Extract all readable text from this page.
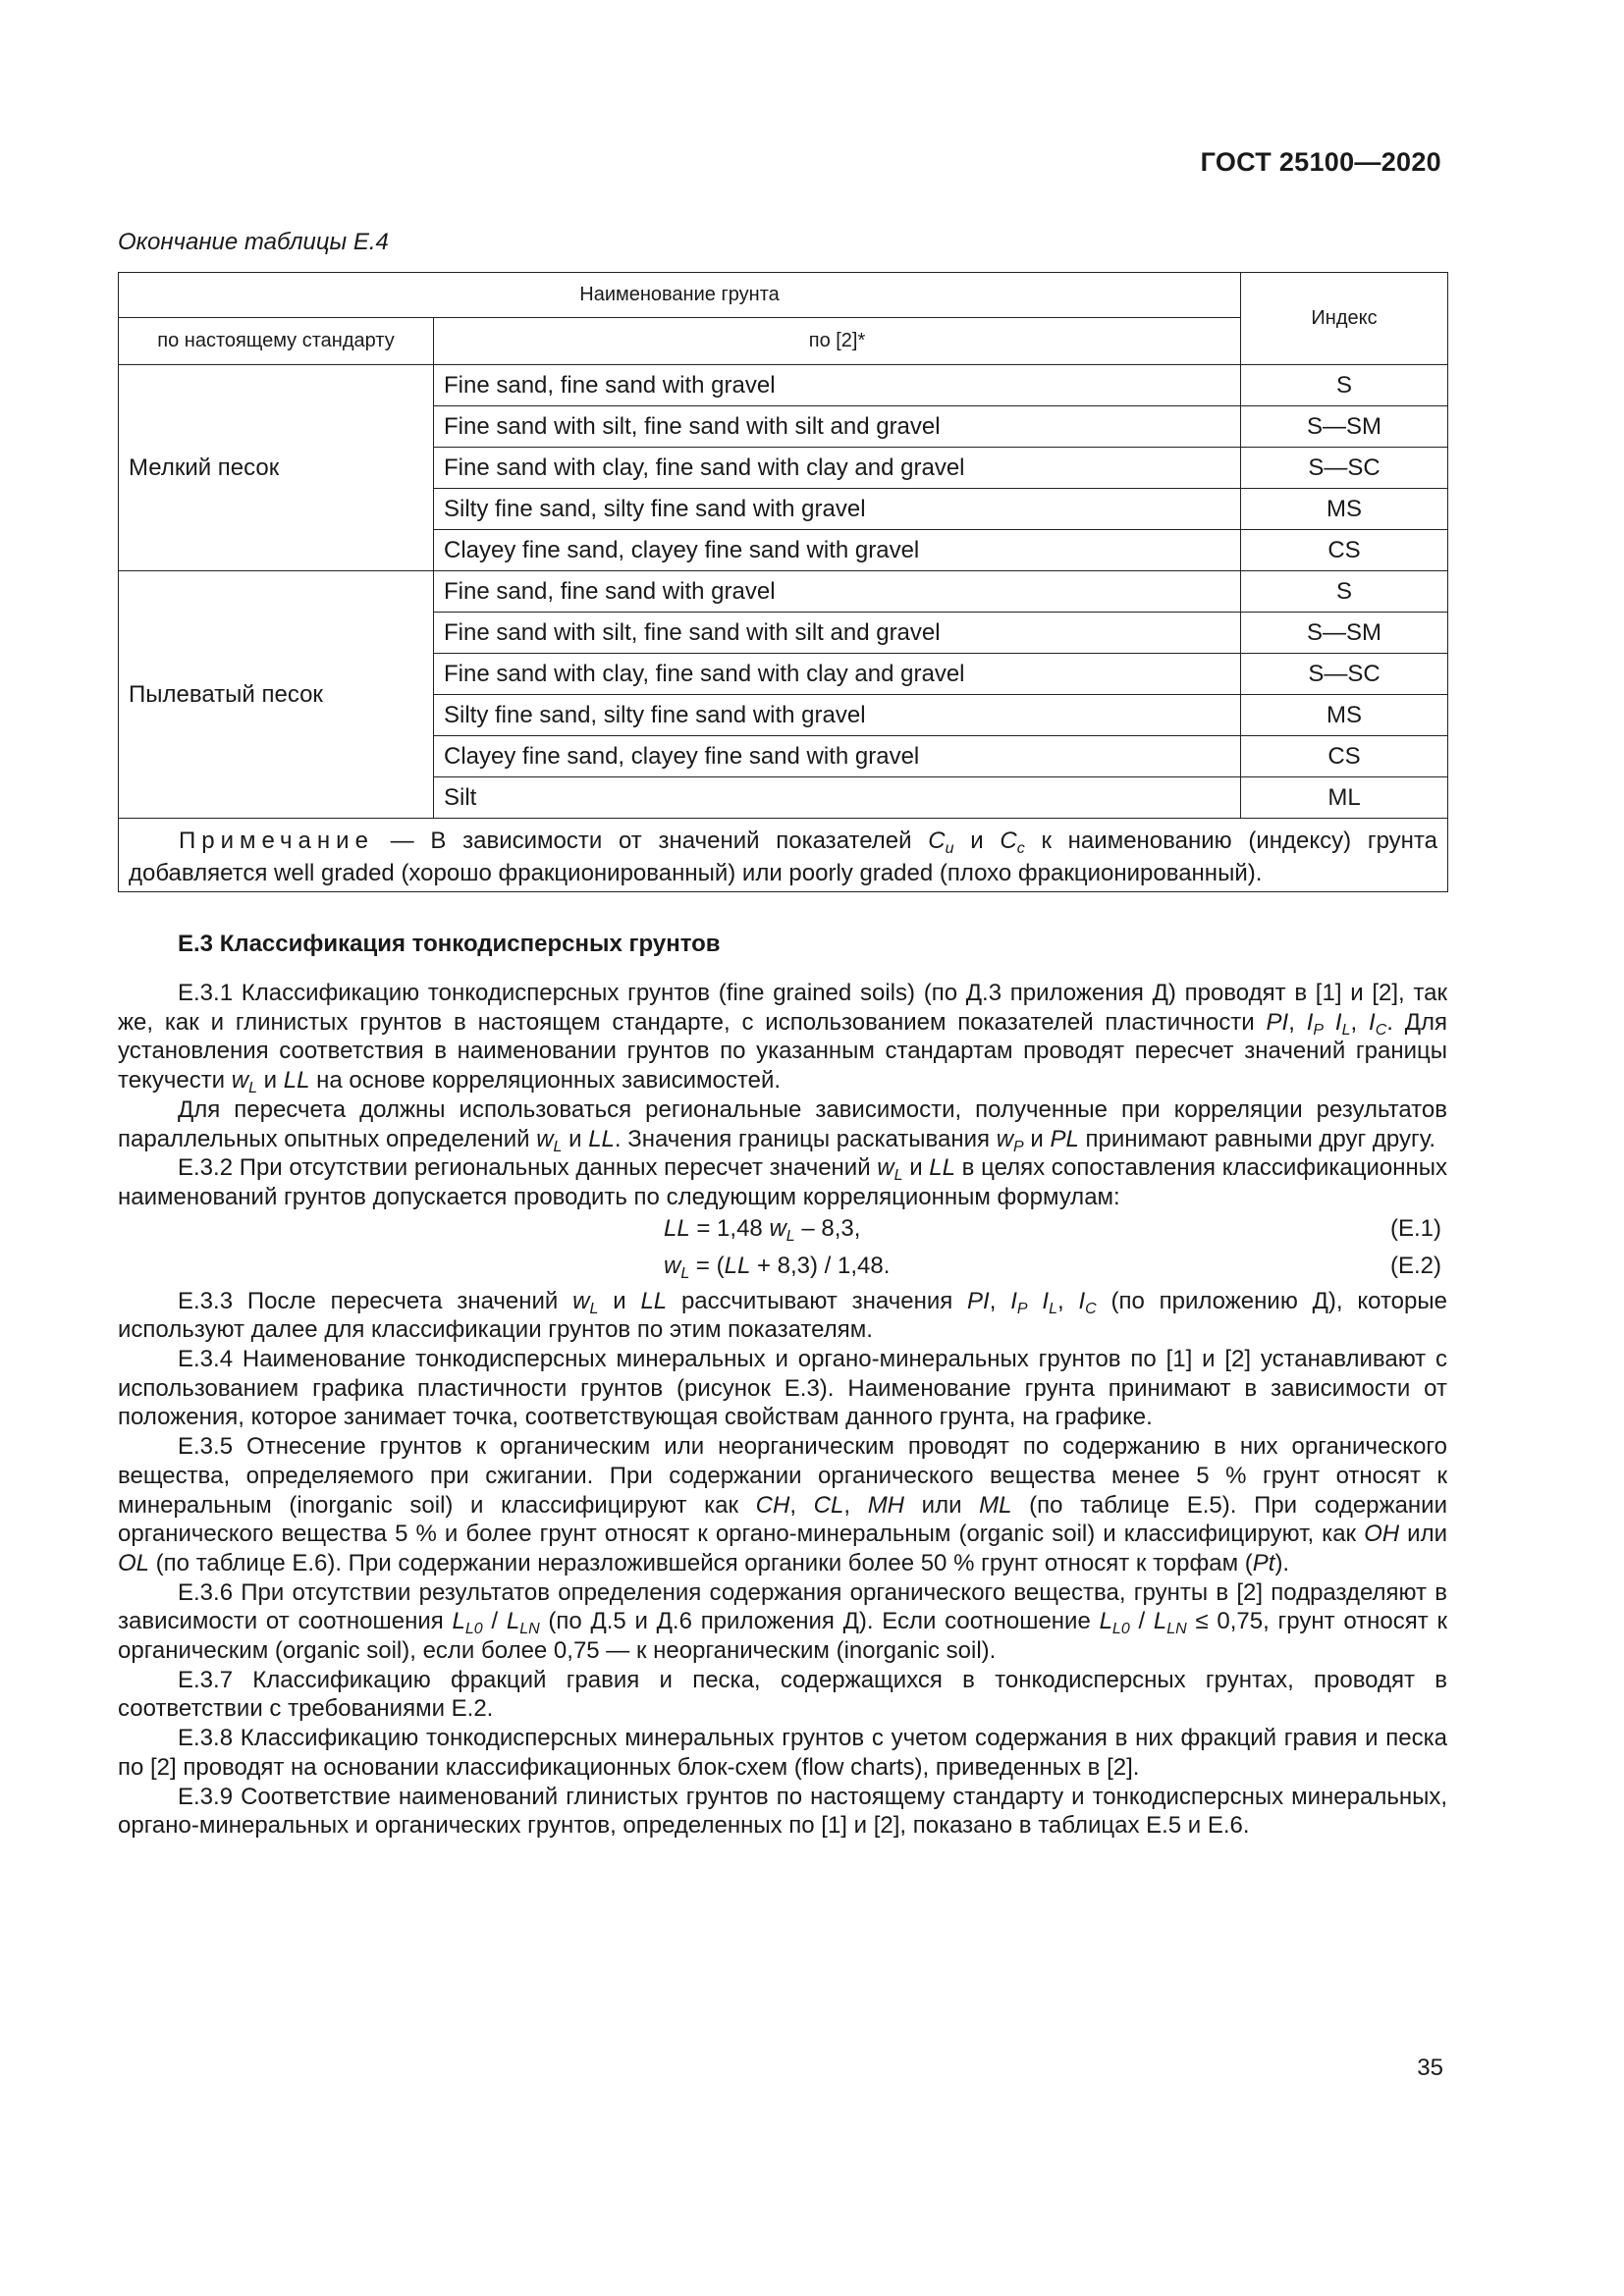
ГОСТ 25100—2020
Окончание таблицы Е.4
Наименование грунта		Индекс
по настоящему стандарту	по [2]*	
Мелкий песок	Fine sand, fine sand with gravel	S
	Fine sand with silt, fine sand with silt and gravel	S—SM
	Fine sand with clay, fine sand with clay and gravel	S—SC
	Silty fine sand, silty fine sand with gravel	MS
	Clayey fine sand, clayey fine sand with gravel	CS
Пылеватый песок	Fine sand, fine sand with gravel	S
	Fine sand with silt, fine sand with silt and gravel	S—SM
	Fine sand with clay, fine sand with clay and gravel	S—SC
	Silty fine sand, silty fine sand with gravel	MS
	Clayey fine sand, clayey fine sand with gravel	CS
	Silt	ML
Примечание — В зависимости от значений показателей $C_u$ и $C_c$ к наименованию (индексу) грунта добавляется well graded (хорошо фракционированный) или poorly graded (плохо фракционированный).		
Е.3 Классификация тонкодисперсных грунтов

Е.3.1 Классификацию тонкодисперсных грунтов (fine grained soils) (по Д.3 приложения Д) проводят в [1] и [2], так же, как и глинистых грунтов в настоящем стандарте, с использованием показателей пластичности PI, $I_P$ $I_L$, $I_C$. Для установления соответствия в наименовании грунтов по указанным стандартам проводят пересчет значений границы текучести $w_L$ и LL на основе корреляционных зависимостей.

Для пересчета должны использоваться региональные зависимости, полученные при корреляции результатов параллельных опытных определений $w_L$ и LL. Значения границы раскатывания $w_P$ и PL принимают равными друг другу.

Е.3.2 При отсутствии региональных данных пересчет значений $w_L$ и LL в целях сопоставления классификационных наименований грунтов допускается проводить по следующим корреляционным формулам:

LL = 1,48 $w_L - 8,3$,	(Е.1)
$w_L = (LL + 8,3) / 1,48$.	(Е.2)

Е.3.3 После пересчета значений $w_L$ и LL рассчитывают значения PI, $I_P$ $I_L$, $I_C$ (по приложению Д), которые используют далее для классификации грунтов по этим показателям.

Е.3.4 Наименование тонкодисперсных минеральных и органо-минеральных грунтов по [1] и [2] устанавливают с использованием графика пластичности грунтов (рисунок Е.3). Наименование грунта принимают в зависимости от положения, которое занимает точка, соответствующая свойствам данного грунта, на графике.

Е.3.5 Отнесение грунтов к органическим или неорганическим проводят по содержанию в них органического вещества, определяемого при сжигании. При содержании органического вещества менее 5 % грунт относят к минеральным (inorganic soil) и классифицируют как CH, CL, MH или ML (по таблице Е.5). При содержании органического вещества 5 % и более грунт относят к органо-минеральным (organic soil) и классифицируют, как OH или OL (по таблице Е.6). При содержании неразложившейся органики более 50 % грунт относят к торфам (Pt).

Е.3.6 При отсутствии результатов определения содержания органического вещества, грунты в [2] подразделяют в зависимости от соотношения $L_{L0} / L_{LN}$ (по Д.5 и Д.6 приложения Д). Если соотношение $L_{L0} / L_{LN} \le 0,75$, грунт относят к органическим (organic soil), если более 0,75 — к неорганическим (inorganic soil).

Е.3.7 Классификацию фракций гравия и песка, содержащихся в тонкодисперсных грунтах, проводят в соответствии с требованиями Е.2.

Е.3.8 Классификацию тонкодисперсных минеральных грунтов с учетом содержания в них фракций гравия и песка по [2] проводят на основании классификационных блок-схем (flow charts), приведенных в [2].

Е.3.9 Соответствие наименований глинистых грунтов по настоящему стандарту и тонкодисперсных минеральных, органо-минеральных и органических грунтов, определенных по [1] и [2], показано в таблицах Е.5 и Е.6.

35
